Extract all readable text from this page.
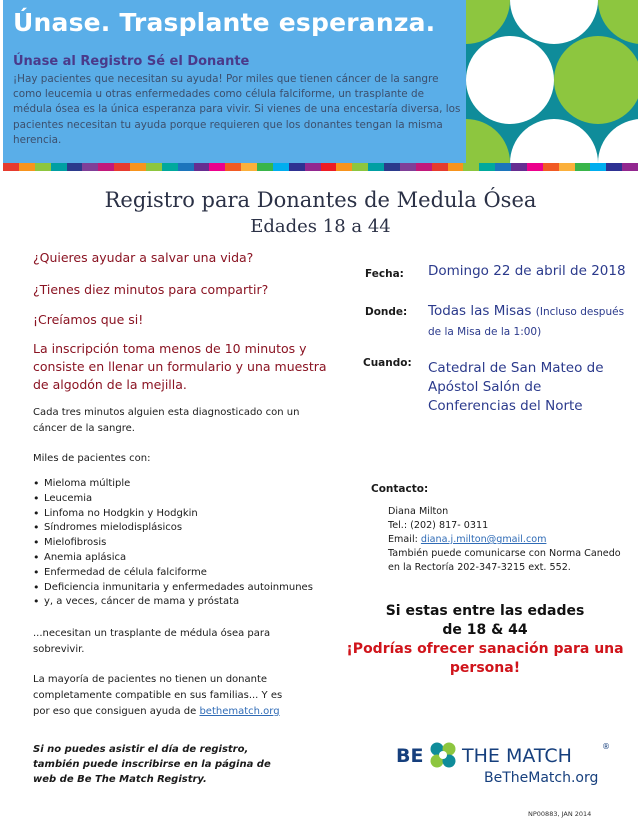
Únase. Trasplante esperanza.
Únase al Registro Sé el Donante
¡Hay pacientes que necesitan su ayuda! Por miles que tienen cáncer de la sangre como leucemia u otras enfermedades como célula falciforme, un trasplante de médula ósea es la única esperanza para vivir. Si vienes de una encestaría diversa, los pacientes necesitan tu ayuda porque requieren que los donantes tengan la misma herencia.
Registro para Donantes de Medula Ósea
Edades 18 a 44
¿Quieres ayudar a salvar una vida?
¿Tienes diez minutos para compartir?
¡Creíamos que si!
La inscripción toma menos de 10 minutos y consiste en llenar un formulario y una muestra de algodón de la mejilla.
Cada tres minutos alguien esta diagnosticado con un cáncer de la sangre.
Miles de pacientes con:
• Mieloma múltiple
• Leucemia
• Linfoma no Hodgkin y Hodgkin
• Síndromes mielodisplásicos
• Mielofibrosis
• Anemia aplásica
• Enfermedad de célula falciforme
• Deficiencia inmunitaria y enfermedades autoinmunes
• y, a veces, cáncer de mama y próstata
...necesitan un trasplante de médula ósea para sobrevivir.
La mayoría de pacientes no tienen un donante completamente compatible en sus familias... Y es por eso que consiguen ayuda de bethematch.org
Si no puedes asistir el día de registro, también puede inscribirse en la página de web de Be The Match Registry.
Fecha: Domingo 22 de abril de 2018
Donde: Todas las Misas (Incluso después de la Misa de la 1:00)
Cuando: Catedral de San Mateo de Apóstol Salón de Conferencias del Norte
Contacto:
Diana Milton
Tel.: (202) 817- 0311
Email: diana.j.milton@gmail.com
También puede comunicarse con Norma Canedo en la Rectoría 202-347-3215 ext. 552.
Si estas entre las edades
de 18 & 44
¡Podrías ofrecer sanación para una persona!
BE THE MATCH	®
BeTheMatch.org
NP00883, JAN 2014
